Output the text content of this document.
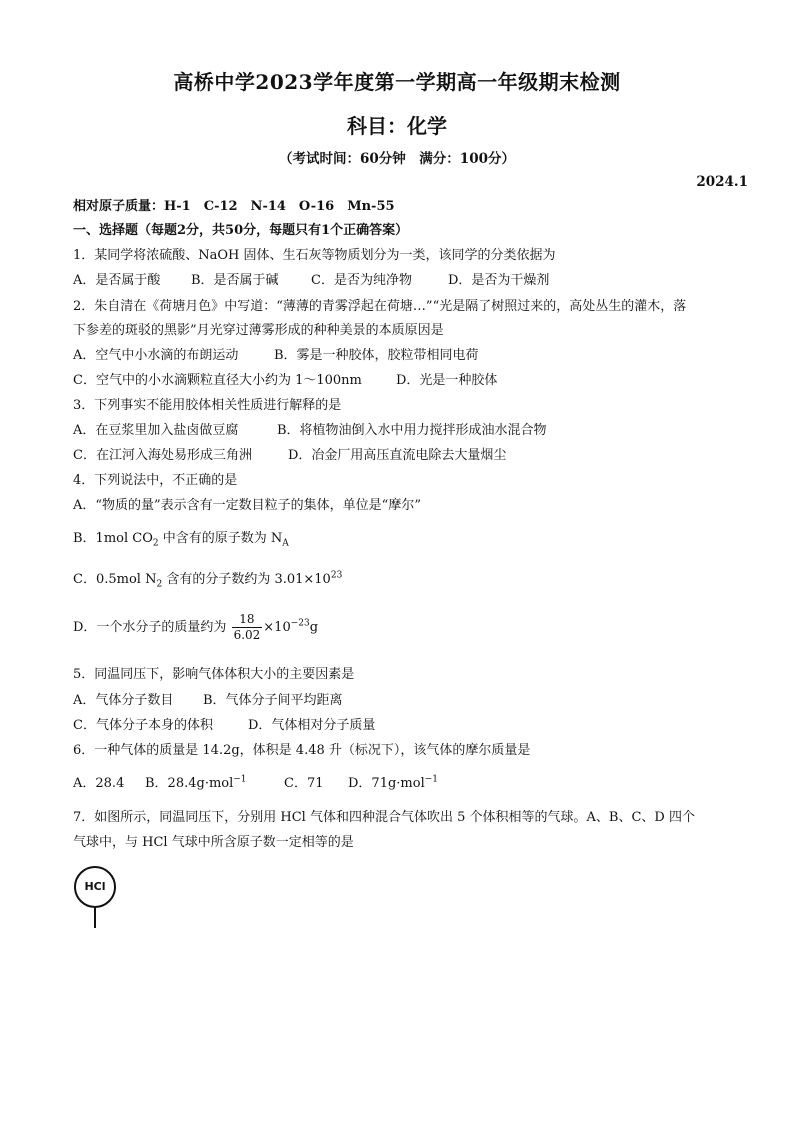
高桥中学2023学年度第一学期高一年级期末检测
科目：化学
（考试时间：60分钟　满分：100分）
2024.1
相对原子质量：H-1　C-12　N-14　O-16　Mn-55
一、选择题（每题2分，共50分，每题只有1个正确答案）
1．某同学将浓硫酸、NaOH 固体、生石灰等物质划分为一类，该同学的分类依据为
A．是否属于酸 B．是否属于碱 C．是否为纯净物	D．是否为干燥剂
2．朱自清在《荷塘月色》中写道：“薄薄的青雾浮起在荷塘…”“光是隔了树照过来的，高处丛生的灌木，落
下参差的斑驳的黑影”月光穿过薄雾形成的种种美景的本质原因是
A．空气中小水滴的布朗运动	B．雾是一种胶体，胶粒带相同电荷
C．空气中的小水滴颗粒直径大小约为 1～100nm	D．光是一种胶体
3．下列事实不能用胶体相关性质进行解释的是
A．在豆浆里加入盐卤做豆腐	B．将植物油倒入水中用力搅拌形成油水混合物
C．在江河入海处易形成三角洲	D．冶金厂用高压直流电除去大量烟尘
4．下列说法中，不正确的是
A．“物质的量”表示含有一定数目粒子的集体，单位是“摩尔”
B．1mol $CO_2$ 中含有的原子数为 $N_A$
C．0.5mol $N_2$ 含有的分子数约为 $3.01\times 10^{23}$
D．一个水分子的质量约为 $\frac{18}{6.02} \times 10^{-23}g$
5．同温同压下，影响气体体积大小的主要因素是
A．气体分子数目 B．气体分子间平均距离
C．气体分子本身的体积	D．气体相对分子质量
6．一种气体的质量是 14.2g，体积是 4.48 升（标况下），该气体的摩尔质量是
A．28.4 B．28.4g·mol$^{-1}$	C．71 D．71g·mol$^{-1}$
7．如图所示，同温同压下，分别用 HCl 气体和四种混合气体吹出 5 个体积相等的气球。A、B、C、D 四个
气球中，与 HCl 气球中所含原子数一定相等的是
HCl
